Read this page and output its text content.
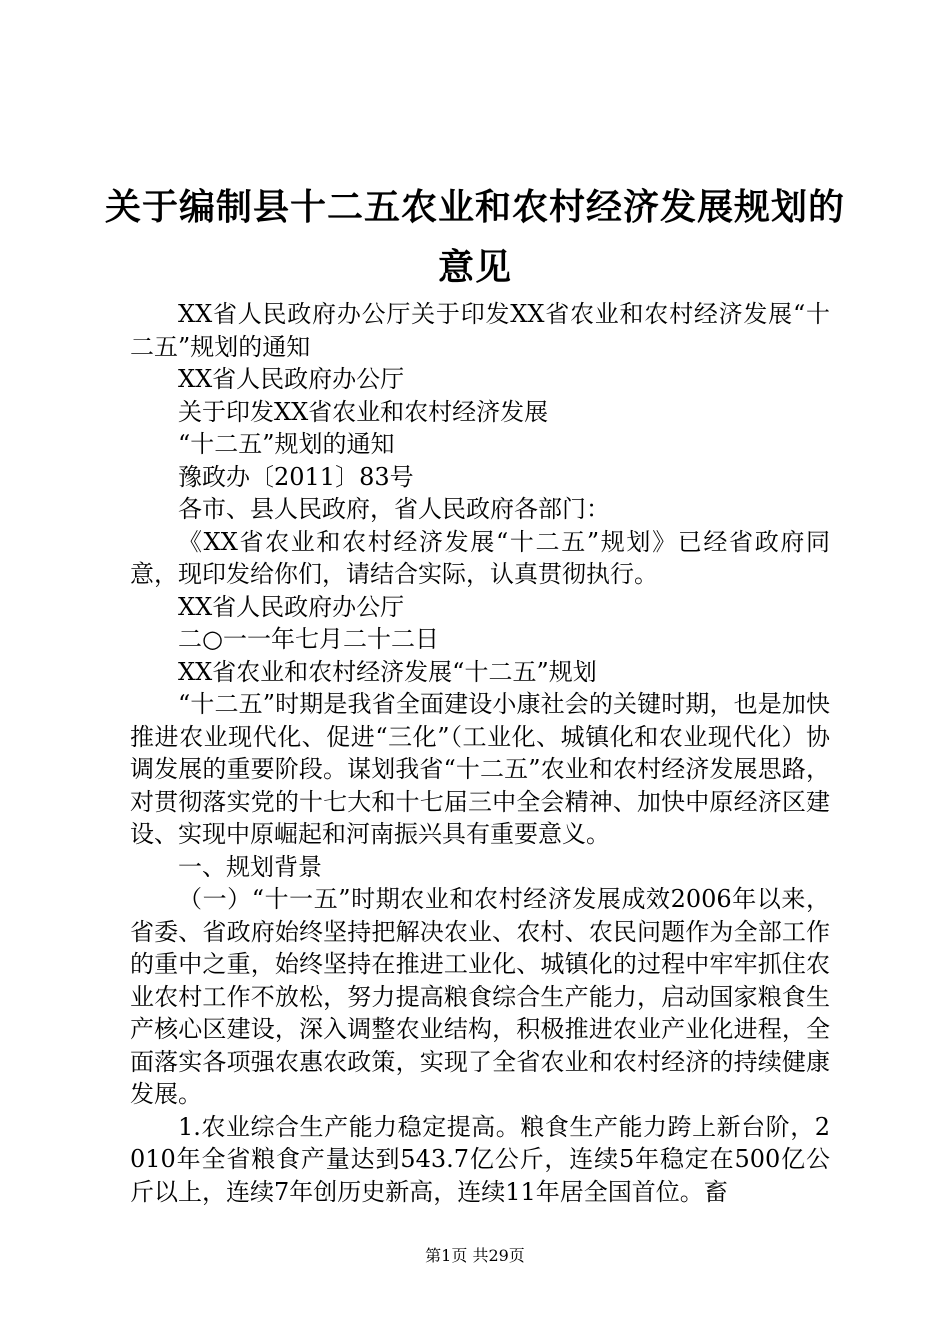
关于编制县十二五农业和农村经济发展规划的
意见

XX省人民政府办公厅关于印发XX省农业和农村经济发展“十二五”规划的通知

XX省人民政府办公厅

关于印发XX省农业和农村经济发展

“十二五”规划的通知

豫政办〔2011〕83号

各市、县人民政府，省人民政府各部门：

《XX省农业和农村经济发展“十二五”规划》已经省政府同意，现印发给你们，请结合实际，认真贯彻执行。

XX省人民政府办公厅

二○一一年七月二十二日

XX省农业和农村经济发展“十二五”规划

“十二五”时期是我省全面建设小康社会的关键时期，也是加快推进农业现代化、促进“三化”（工业化、城镇化和农业现代化）协调发展的重要阶段。谋划我省“十二五”农业和农村经济发展思路，对贯彻落实党的十七大和十七届三中全会精神、加快中原经济区建设、实现中原崛起和河南振兴具有重要意义。

一、规划背景

（一）“十一五”时期农业和农村经济发展成效2006年以来，省委、省政府始终坚持把解决农业、农村、农民问题作为全部工作的重中之重，始终坚持在推进工业化、城镇化的过程中牢牢抓住农业农村工作不放松，努力提高粮食综合生产能力，启动国家粮食生产核心区建设，深入调整农业结构，积极推进农业产业化进程，全面落实各项强农惠农政策，实现了全省农业和农村经济的持续健康发展。

1.农业综合生产能力稳定提高。粮食生产能力跨上新台阶，2010年全省粮食产量达到543.7亿公斤，连续5年稳定在500亿公斤以上，连续7年创历史新高，连续11年居全国首位。畜

第1页 共29页
